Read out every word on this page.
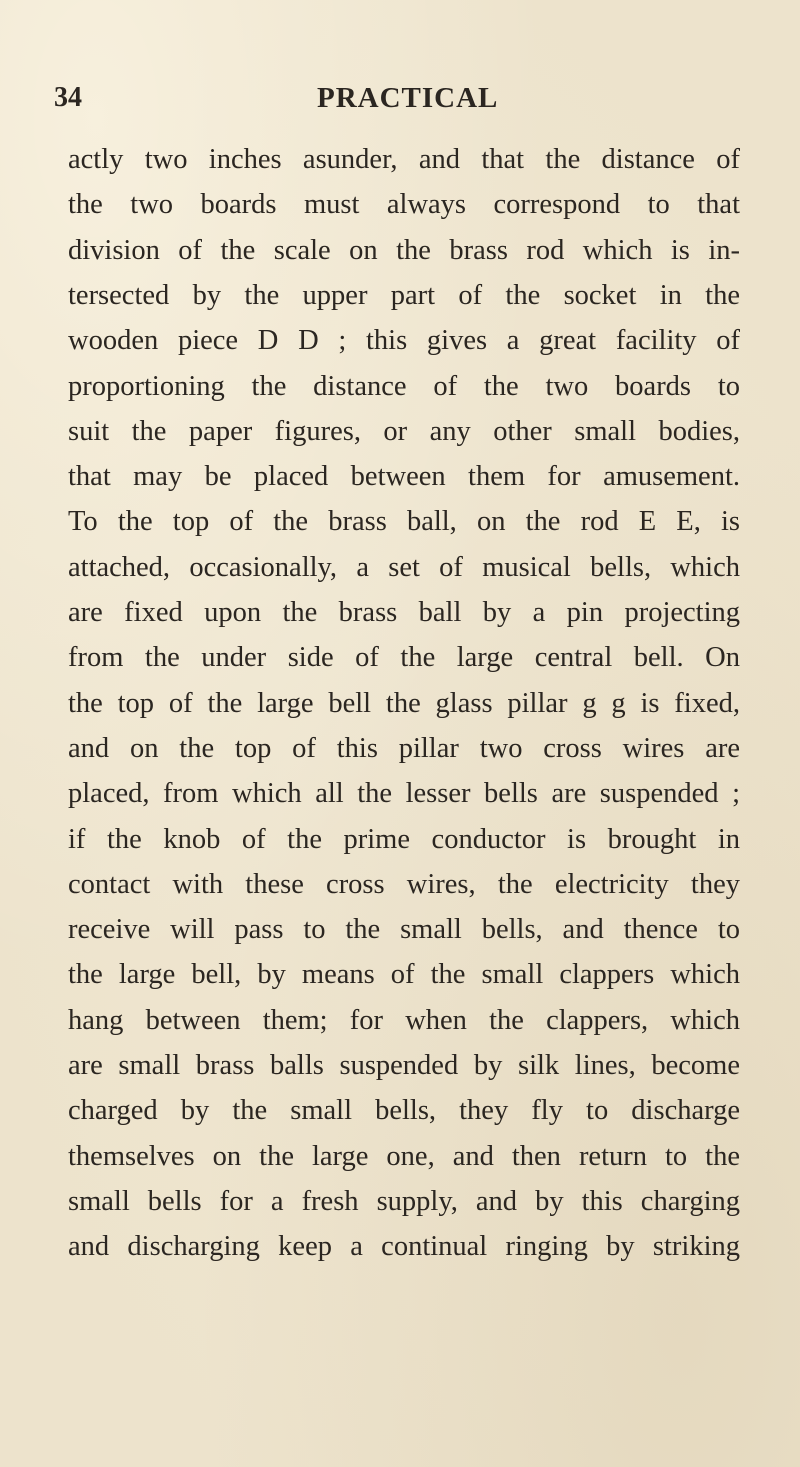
34	PRACTICAL
actly two inches asunder, and that the distance of
the two boards must always correspond to that
division of the scale on the brass rod which is in-
tersected by the upper part of the socket in the
wooden piece D D ; this gives a great facility of
proportioning the distance of the two boards to
suit the paper figures, or any other small bodies,
that may be placed between them for amusement.
To the top of the brass ball, on the rod E E, is
attached, occasionally, a set of musical bells, which
are fixed upon the brass ball by a pin projecting
from the under side of the large central bell. On
the top of the large bell the glass pillar g g is fixed,
and on the top of this pillar two cross wires are
placed, from which all the lesser bells are suspended ;
if the knob of the prime conductor is brought in
contact with these cross wires, the electricity they
receive will pass to the small bells, and thence to
the large bell, by means of the small clappers which
hang between them; for when the clappers, which
are small brass balls suspended by silk lines, become
charged by the small bells, they fly to discharge
themselves on the large one, and then return to the
small bells for a fresh supply, and by this charging
and discharging keep a continual ringing by striking
